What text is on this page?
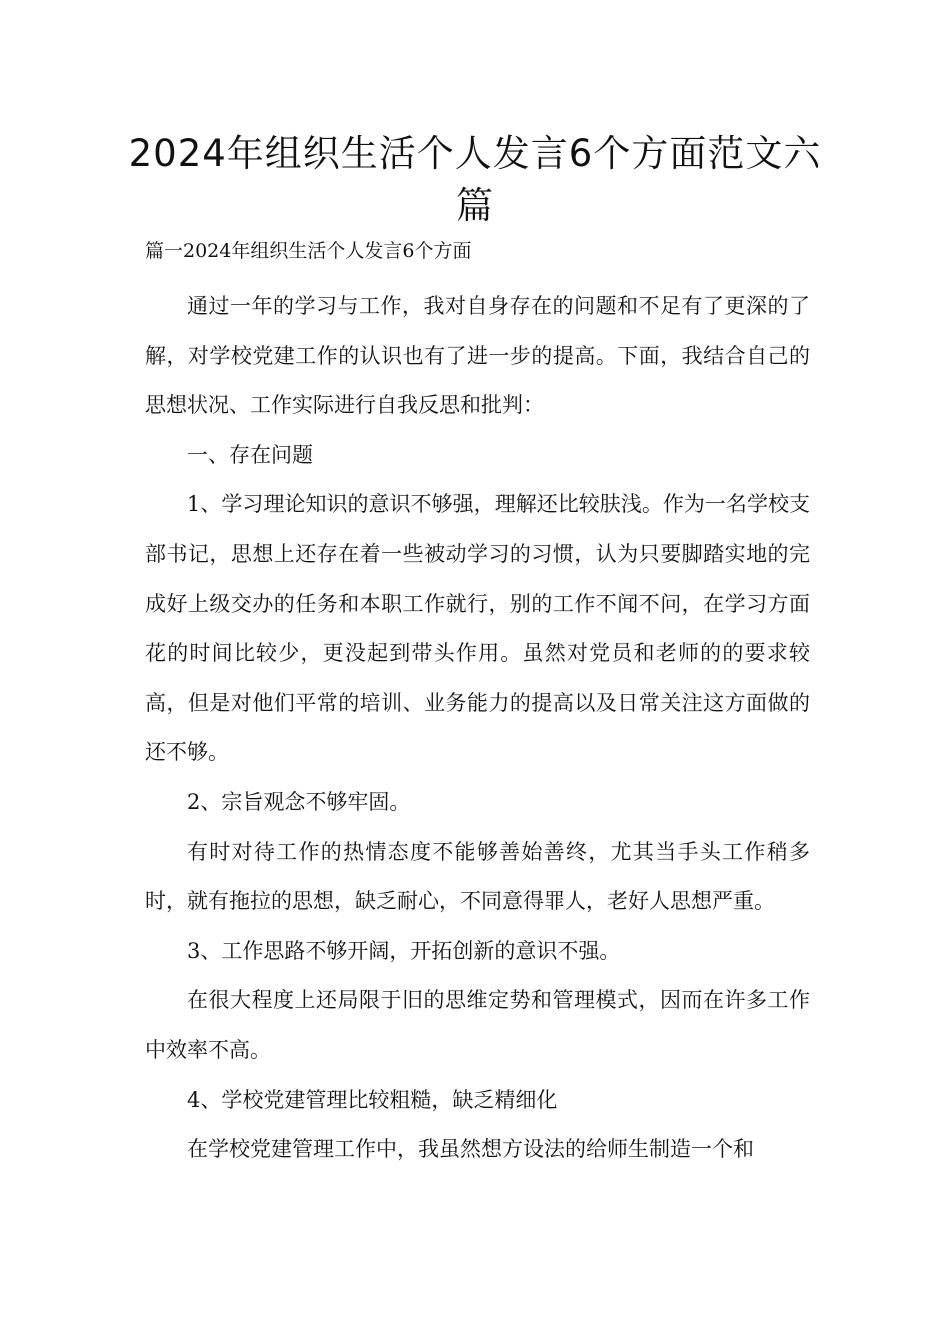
2024年组织生活个人发言6个方面范文六篇

篇一2024年组织生活个人发言6个方面

通过一年的学习与工作，我对自身存在的问题和不足有了更深的了解，对学校党建工作的认识也有了进一步的提高。下面，我结合自己的思想状况、工作实际进行自我反思和批判：

一、存在问题

1、学习理论知识的意识不够强，理解还比较肤浅。作为一名学校支部书记，思想上还存在着一些被动学习的习惯，认为只要脚踏实地的完成好上级交办的任务和本职工作就行，别的工作不闻不问，在学习方面花的时间比较少，更没起到带头作用。虽然对党员和老师的的要求较高，但是对他们平常的培训、业务能力的提高以及日常关注这方面做的还不够。

2、宗旨观念不够牢固。

有时对待工作的热情态度不能够善始善终，尤其当手头工作稍多时，就有拖拉的思想，缺乏耐心，不同意得罪人，老好人思想严重。

3、工作思路不够开阔，开拓创新的意识不强。

在很大程度上还局限于旧的思维定势和管理模式，因而在许多工作中效率不高。

4、学校党建管理比较粗糙，缺乏精细化

在学校党建管理工作中，我虽然想方设法的给师生制造一个和
